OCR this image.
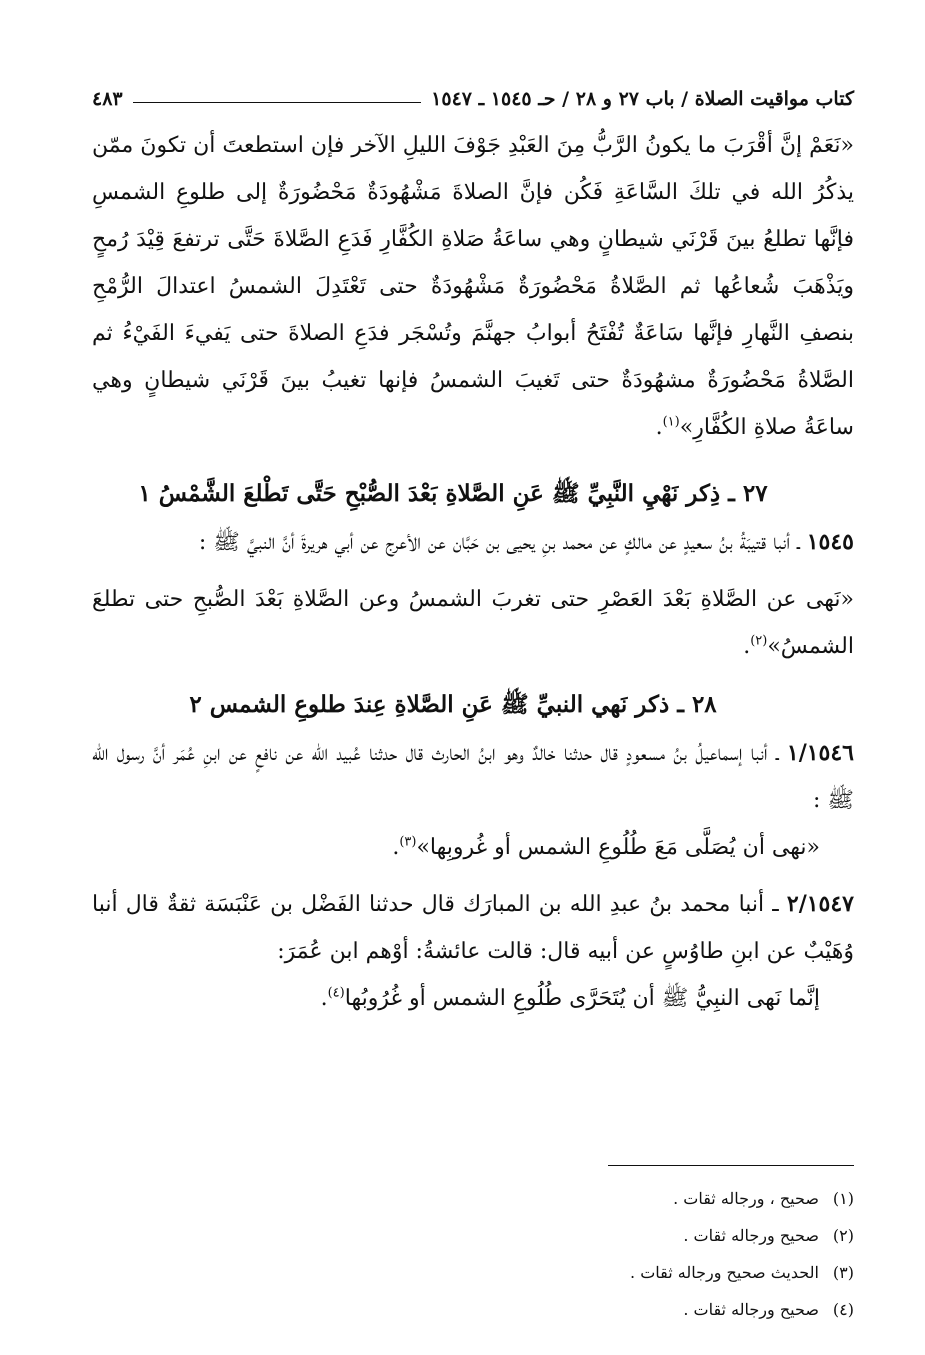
كتاب مواقيت الصلاة / باب ٢٧ و ٢٨ / حـ ١٥٤٥ ـ ١٥٤٧
٤٨٣

«نَعَمْ إنَّ أقْرَبَ ما يكونُ الرَّبُّ مِنَ العَبْدِ جَوْفَ الليلِ الآخر فإن استطعتَ أن تكونَ ممّن يذكُرُ الله في تلكَ السَّاعَةِ فَكُن فإنَّ الصلاةَ مَشْهُودَةٌ مَحْضُورَةٌ إلى طلوعِ الشمسِ فإنَّها تطلعُ بينَ قَرْنَي شيطانٍ وهي ساعَةُ صَلاةِ الكُفَّارِ فَدَعِ الصَّلاةَ حَتَّى ترتفعَ قِيْدَ رُمحٍ ويَذْهَبَ شُعاعُها ثم الصَّلاةُ مَحْضُورَةٌ مَشْهُودَةٌ حتى تَعْتَدِلَ الشمسُ اعتدالَ الرُّمْحِ بنصفِ النَّهارِ فإنَّها سَاعَةٌ تُفْتَحُ أبوابُ جهنَّمَ وتُسْجَر فدَعِ الصلاةَ حتى يَفيءَ الفَيْءُ ثم الصَّلاةُ مَحْضُورَةٌ مشهُودَةٌ حتى تَغيبَ الشمسُ فإنها تغيبُ بينَ قَرْنَي شيطانٍ وهي ساعَةُ صلاةِ الكُفَّارِ»$^{(١)}$.

٢٧ ـ ذِكر نَهْيِ النَّبِيِّ ﷺ عَنِ الصَّلاةِ بَعْدَ الصُّبْحِ حَتَّى تَطْلعَ الشَّمْسُ ١

١٥٤٥ ـ أنبا قتيبَةُ بنُ سعيدٍ عن مالكٍ عن محمد بنِ يحيى بن حَبَّان عن الأعرج عن أبي هريرةَ أنَّ النبيَّ ﷺ :

«نَهى عن الصَّلاةِ بَعْدَ العَصْرِ حتى تغربَ الشمسُ وعن الصَّلاةِ بَعْدَ الصُّبحِ حتى تطلعَ الشمسُ»$^{(٢)}$.

٢٨ ـ ذكر نَهي النبيِّ ﷺ عَنِ الصَّلاةِ عِندَ طلوعِ الشمس ٢

١/١٥٤٦ ـ أنبا إسماعيلُ بنُ مسعودٍ قال حدثنا خالدٌ وهو ابنُ الحارث قال حدثنا عُبيد الله عن نافعٍ عن ابنِ عُمَر أنَّ رسول الله ﷺ :

«نهى أن يُصَلَّى مَعَ طُلُوعِ الشمس أو غُروبِها»$^{(٣)}$.

٢/١٥٤٧ ـ أنبا محمد بنُ عبدِ الله بن المبارَك قال حدثنا الفَضْل بن عَنْبَسَة ثقةٌ قال أنبا وُهَيْبٌ عن ابنِ طاوُسٍ عن أبيه قال: قالت عائشةُ: أوْهم ابن عُمَرَ:

إنَّما نَهى النبِيُّ ﷺ أن يُتَحَرَّى طُلُوعِ الشمس أو غُرُوبُها$^{(٤)}$.

(١) صحيح ، ورجاله ثقات .

(٢) صحيح ورجاله ثقات .

(٣) الحديث صحيح ورجاله ثقات .

(٤) صحيح ورجاله ثقات .
